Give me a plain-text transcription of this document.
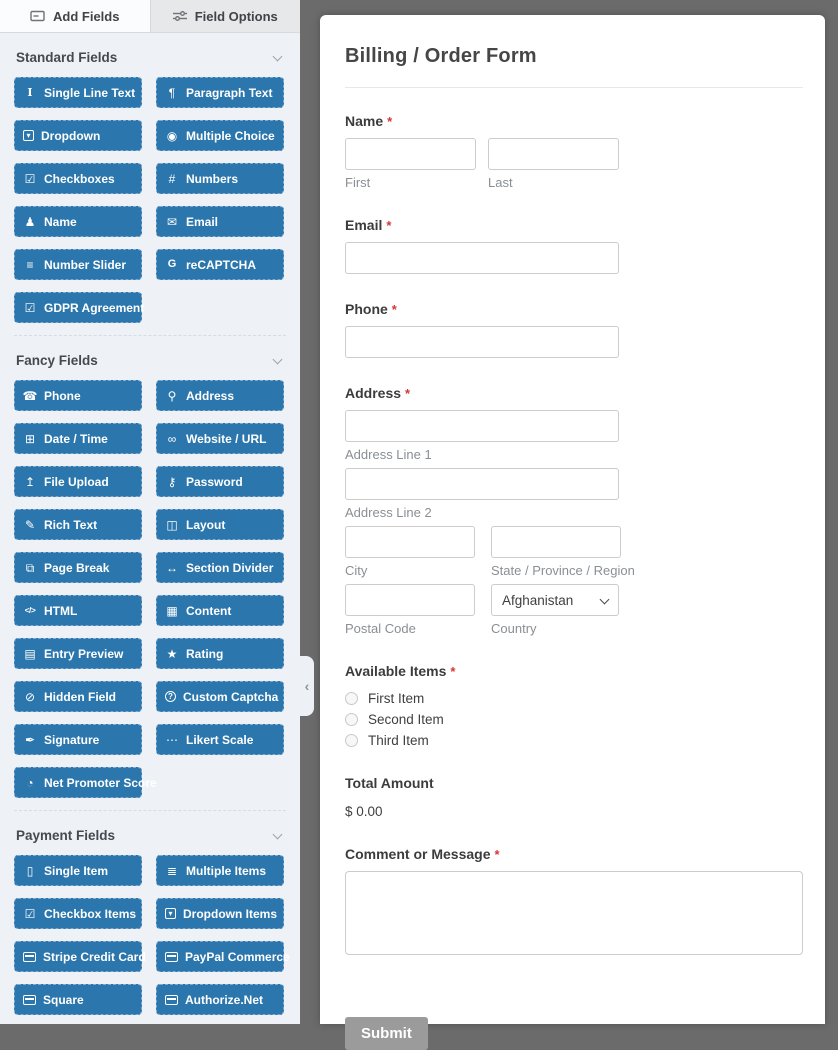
Add Fields	Field Options
Standard Fields
I Single Line Text	¶ Paragraph Text
▾ Dropdown	◉ Multiple Choice
☑ Checkboxes	# Numbers
♟ Name	✉ Email
≡ Number Slider	G reCAPTCHA
☑ GDPR Agreement
Fancy Fields
☎ Phone	⚲ Address
⊞ Date / Time	∞ Website / URL
↥ File Upload	⚷ Password
✎ Rich Text	◫ Layout
⧉ Page Break	↔ Section Divider
</> HTML	▦ Content
▤ Entry Preview	★ Rating
⊘ Hidden Field	? Custom Captcha
✒ Signature	⋯ Likert Scale
◔ Net Promoter Score
Payment Fields
▯ Single Item	≣ Multiple Items
☑ Checkbox Items	▾ Dropdown Items
Stripe Credit Card	PayPal Commerce
Square	Authorize.Net
‹
Billing / Order Form
Name *
First	Last
Email *
Phone *
Address *
Address Line 1
Address Line 2
City	State / Province / Region
Postal Code
Afghanistan
Country
Available Items *
First Item
Second Item
Third Item
Total Amount
$ 0.00
Comment or Message *
Submit
